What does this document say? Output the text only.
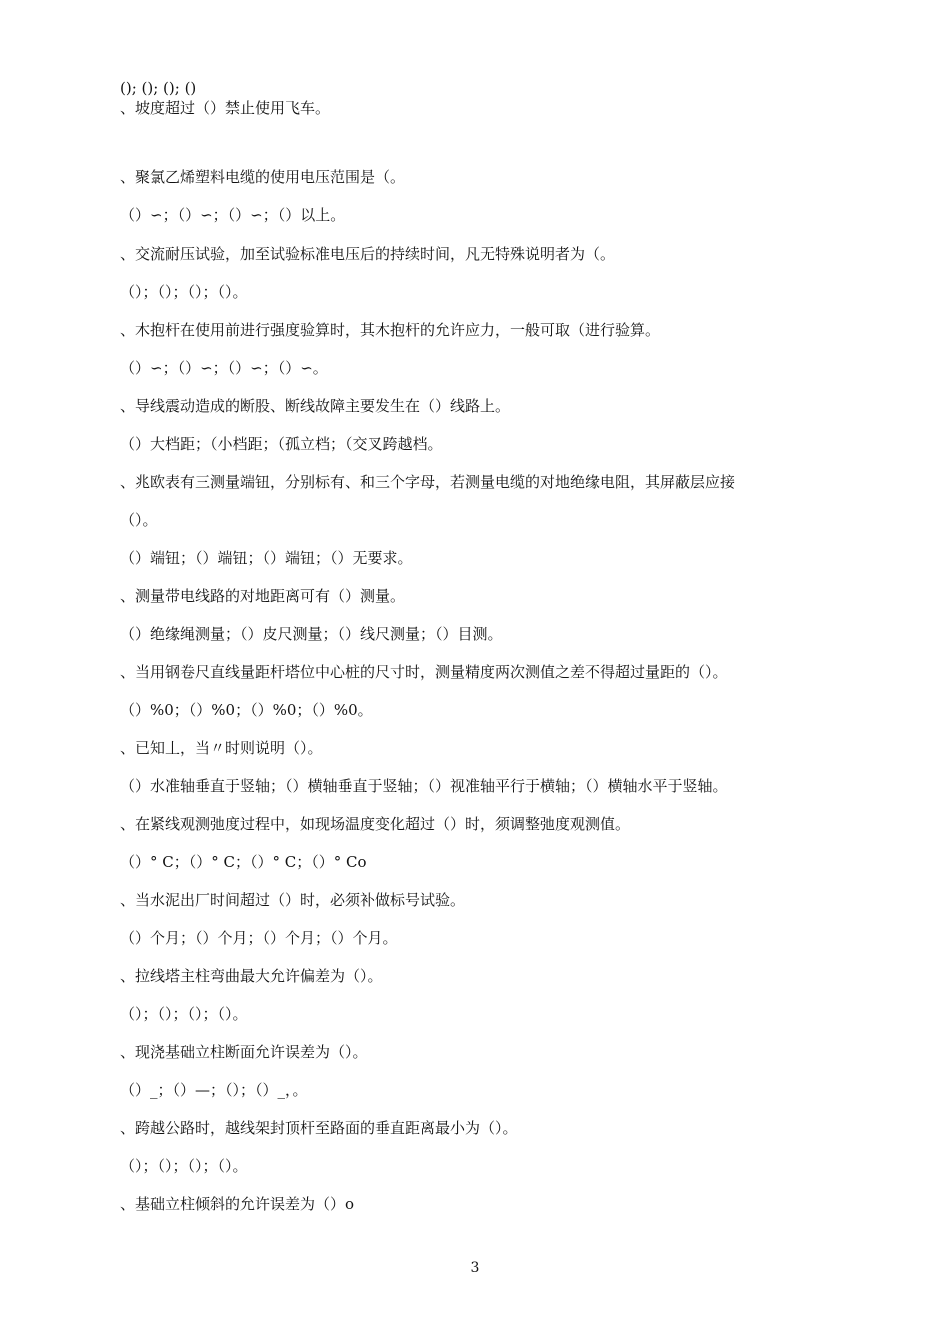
(); (); (); ()
、坡度超过（）禁止使用飞车。
、聚氯乙烯塑料电缆的使用电压范围是（。
（）∽；（）∽；（）∽；（）以上。
、交流耐压试验，加至试验标准电压后的持续时间，凡无特殊说明者为（。
（）；（）；（）；（）。
、木抱杆在使用前进行强度验算时，其木抱杆的允许应力，一般可取（进行验算。
（）∽；（）∽；（）∽；（）∽。
、导线震动造成的断股、断线故障主要发生在（）线路上。
（）大档距；（小档距；（孤立档；（交叉跨越档。
、兆欧表有三测量端钮，分别标有、和三个字母，若测量电缆的对地绝缘电阻，其屏蔽层应接
（）。
（）端钮；（）端钮；（）端钮；（）无要求。
、测量带电线路的对地距离可有（）测量。
（）绝缘绳测量；（）皮尺测量；（）线尺测量；（）目测。
、当用钢卷尺直线量距杆塔位中心桩的尺寸时，测量精度两次测值之差不得超过量距的（）。
（）%0；（）%0；（）%0；（）%0。
、已知丄，当〃时则说明（）。
（）水准轴垂直于竖轴；（）横轴垂直于竖轴；（）视准轴平行于横轴；（）横轴水平于竖轴。
、在紧线观测弛度过程中，如现场温度变化超过（）时，须调整弛度观测值。
（）° C；（）° C；（）° C；（）° Co
、当水泥出厂时间超过（）时，必须补做标号试验。
（）个月；（）个月；（）个月；（）个月。
、拉线塔主柱弯曲最大允许偏差为（）。
（）；（）；（）；（）。
、现浇基础立柱断面允许误差为（）。
（）_；（）—；（）；（）_，。
、跨越公路时，越线架封顶杆至路面的垂直距离最小为（）。
（）；（）；（）；（）。
、基础立柱倾斜的允许误差为（）o
3
